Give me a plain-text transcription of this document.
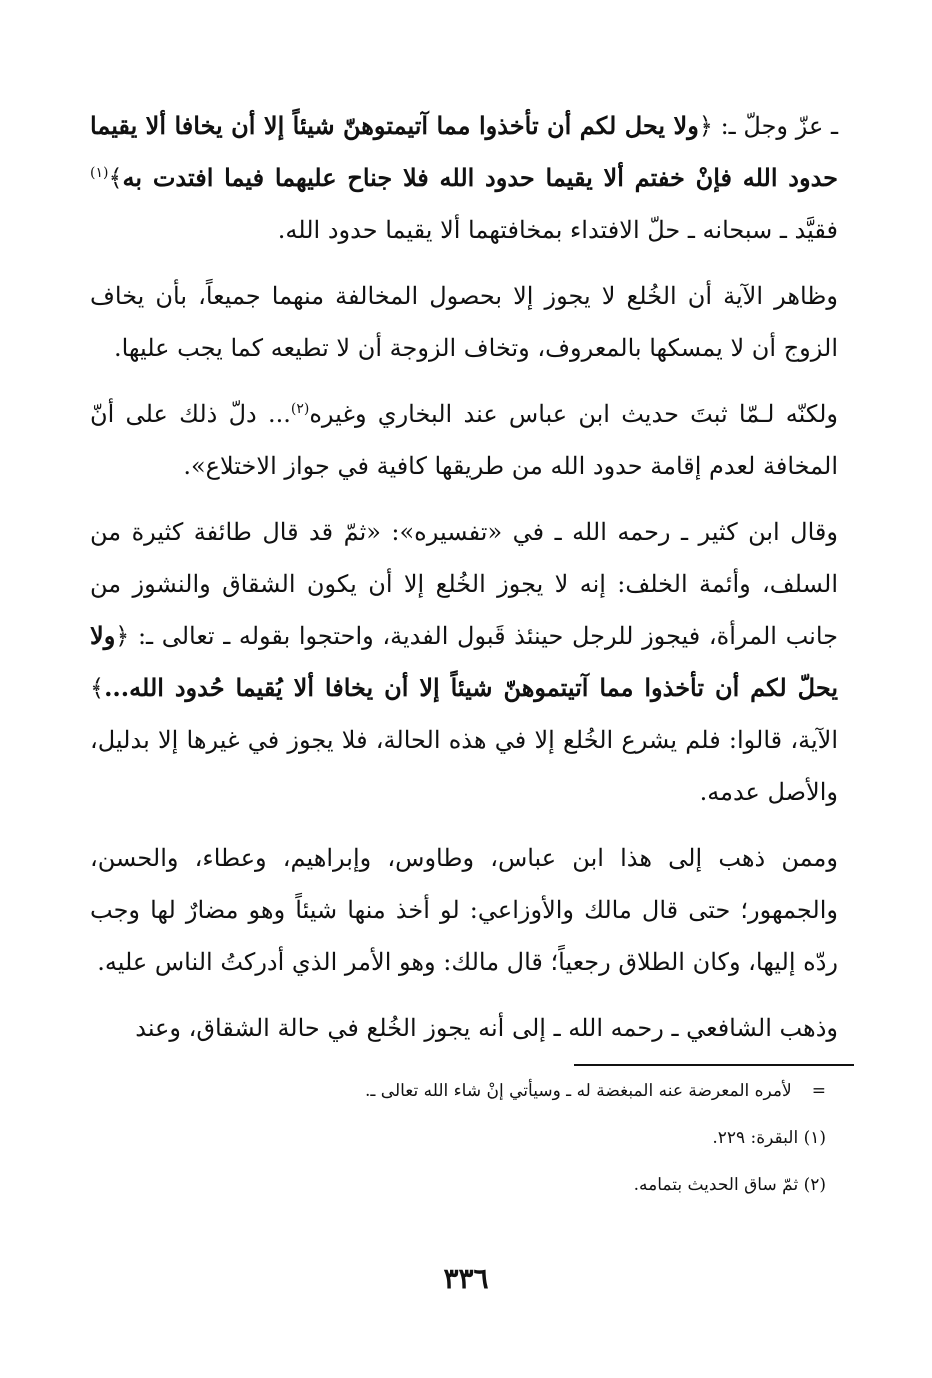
ـ عزّ وجلّ ـ: ﴿ولا يحل لكم أن تأخذوا مما آتيمتوهنّ شيئاً إلا أن يخافا ألا يقيما حدود الله فإنْ خفتم ألا يقيما حدود الله فلا جناح عليهما فيما افتدت به﴾$^{(١)}$ فقيَّد ـ سبحانه ـ حلّ الافتداء بمخافتهما ألا يقيما حدود الله.

وظاهر الآية أن الخُلع لا يجوز إلا بحصول المخالفة منهما جميعاً، بأن يخاف الزوج أن لا يمسكها بالمعروف، وتخاف الزوجة أن لا تطيعه كما يجب عليها.

ولكنّه لـمّا ثبتَ حديث ابن عباس عند البخاري وغيره$^{(٢)}$... دلّ ذلك على أنّ المخافة لعدم إقامة حدود الله من طريقها كافية في جواز الاختلاع».

وقال ابن كثير ـ رحمه الله ـ في «تفسيره»: «ثمّ قد قال طائفة كثيرة من السلف، وأئمة الخلف: إنه لا يجوز الخُلع إلا أن يكون الشقاق والنشوز من جانب المرأة، فيجوز للرجل حينئذ قَبول الفدية، واحتجوا بقوله ـ تعالى ـ: ﴿ولا يحلّ لكم أن تأخذوا مما آتيتموهنّ شيئاً إلا أن يخافا ألا يُقيما حُدود الله...﴾ الآية، قالوا: فلم يشرع الخُلع إلا في هذه الحالة، فلا يجوز في غيرها إلا بدليل، والأصل عدمه.

وممن ذهب إلى هذا ابن عباس، وطاوس، وإبراهيم، وعطاء، والحسن، والجمهور؛ حتى قال مالك والأوزاعي: لو أخذ منها شيئاً وهو مضارٌ لها وجب ردّه إليها، وكان الطلاق رجعياً؛ قال مالك: وهو الأمر الذي أدركتُ الناس عليه.

وذهب الشافعي ـ رحمه الله ـ إلى أنه يجوز الخُلع في حالة الشقاق، وعند

=لأمره المعرضة عنه المبغضة له ـ وسيأتي إنْ شاء الله تعالى ـ.

(١) البقرة: ٢٢٩.

(٢) ثمّ ساق الحديث بتمامه.

٣٣٦
